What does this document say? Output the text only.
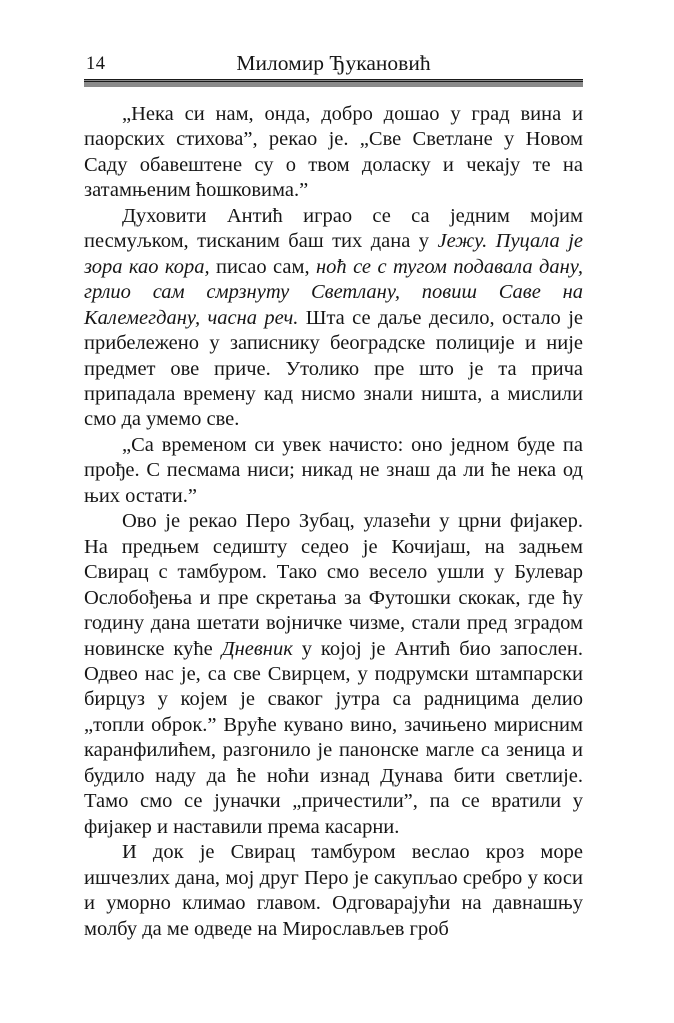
14	Миломир Ђукановић

„Нека си нам, онда, добро дошао у град вина и паорских стихова”, рекао је. „Све Светлане у Новом Саду обавештене су о твом доласку и чекају те на затамњеним ћошковима.”

Духовити Антић играо се са једним мојим песмуљком, тисканим баш тих дана у Јежу. Пуцала је зора као кора, писао сам, ноћ се с тугом подавала дану, грлио сам смрзнуту Светлану, повиш Саве на Калемегдану, часна реч. Шта се даље десило, остало је прибележено у записнику београдске полиције и није предмет ове приче. Утолико пре што је та прича припадала времену кад нисмо знали ништа, а мислили смо да умемо све.

„Са временом си увек начисто: оно једном буде па прође. С песмама ниси; никад не знаш да ли ће нека од њих остати.”

Ово је рекао Перо Зубац, улазећи у црни фијакер. На предњем седишту седео је Кочијаш, на задњем Свирац с тамбуром. Тако смо весело ушли у Булевар Ослобођења и пре скретања за Футошки скокак, где ћу годину дана шетати војничке чизме, стали пред зградом новинске куће Дневник у којој је Антић био запослен. Одвео нас је, са све Свирцем, у подрумски штампарски бирцуз у којем је сваког јутра са радницима делио „топли оброк.” Вруће кувано вино, зачињено мирисним каранфилићем, разгонило је панонске магле са зеница и будило наду да ће ноћи изнад Дунава бити светлије. Тамо смо се јуначки „причестили”, па се вратили у фијакер и наставили према касарни.

И док је Свирац тамбуром веслао кроз море ишчезлих дана, мој друг Перо је сакупљао сребро у коси и уморно климао главом. Одговарајући на давнашњу молбу да ме одведе на Мирослављев гроб
